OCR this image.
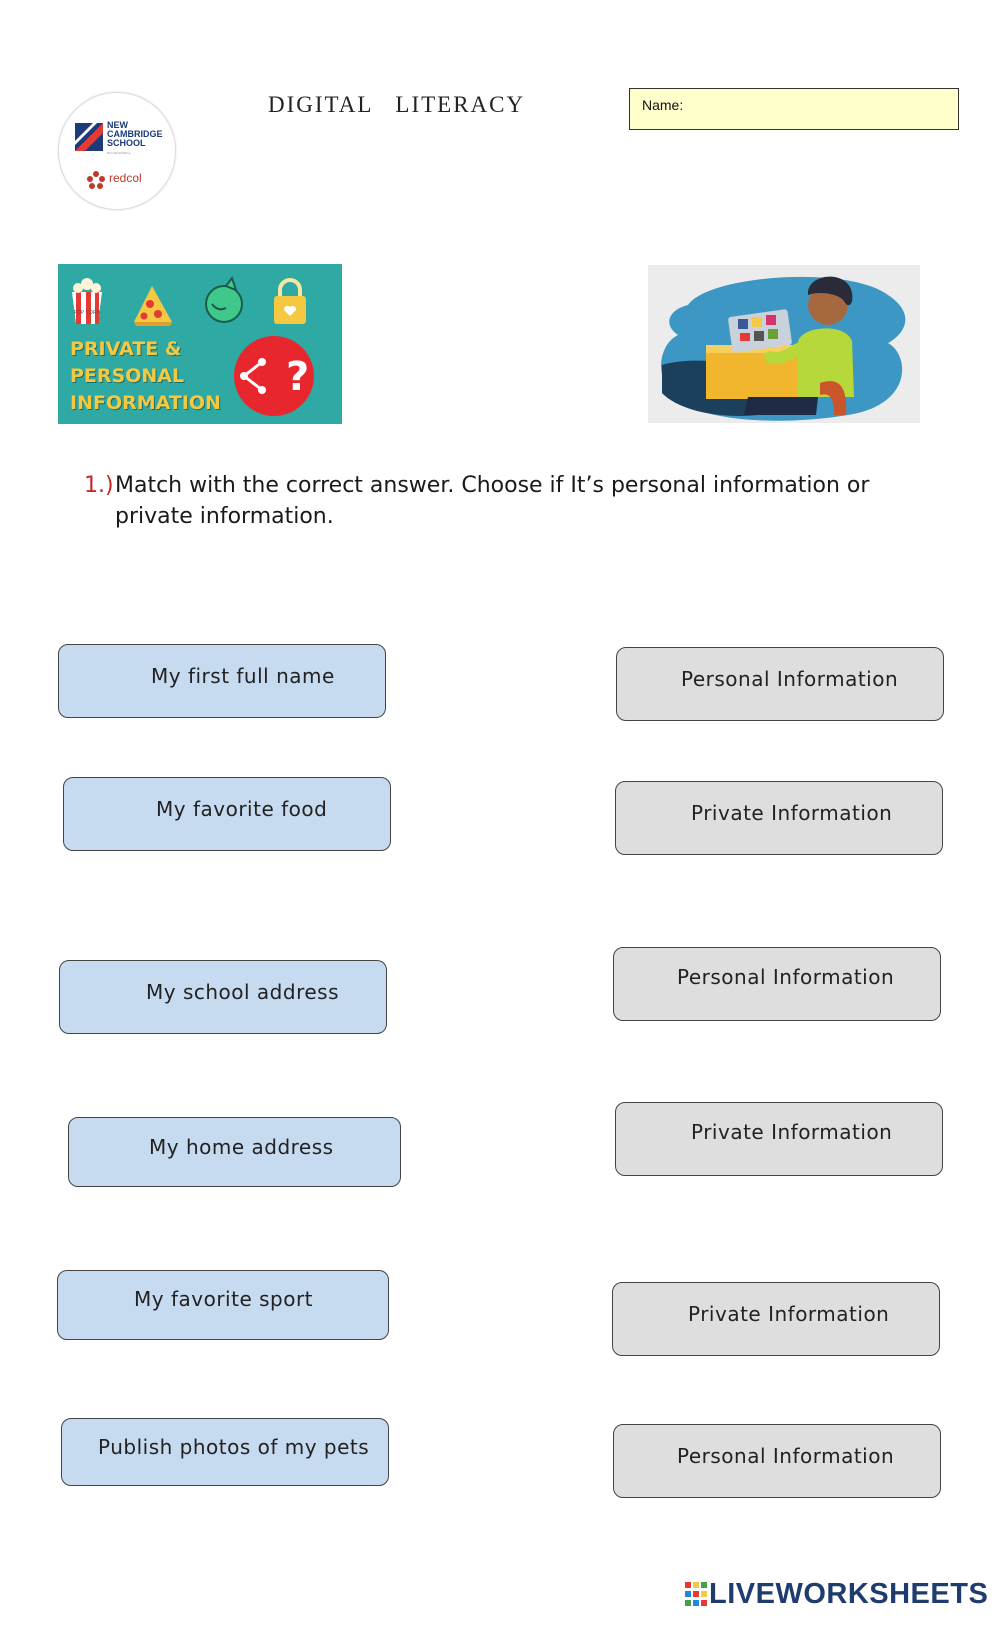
NEW CAMBRIDGE SCHOOL
BUCARAMANGA
redcol
DIGITAL LITERACY	Name:
POP CORN
?
PRIVATE &
PERSONAL
INFORMATION
1.) Match with the correct answer. Choose if It’s personal information or private information.
My first full name
My favorite food
My school address
My home address
My favorite sport
Publish photos of my pets
Personal Information
Private Information
Personal Information
Private Information
Private Information
Personal Information
LIVEWORKSHEETS
